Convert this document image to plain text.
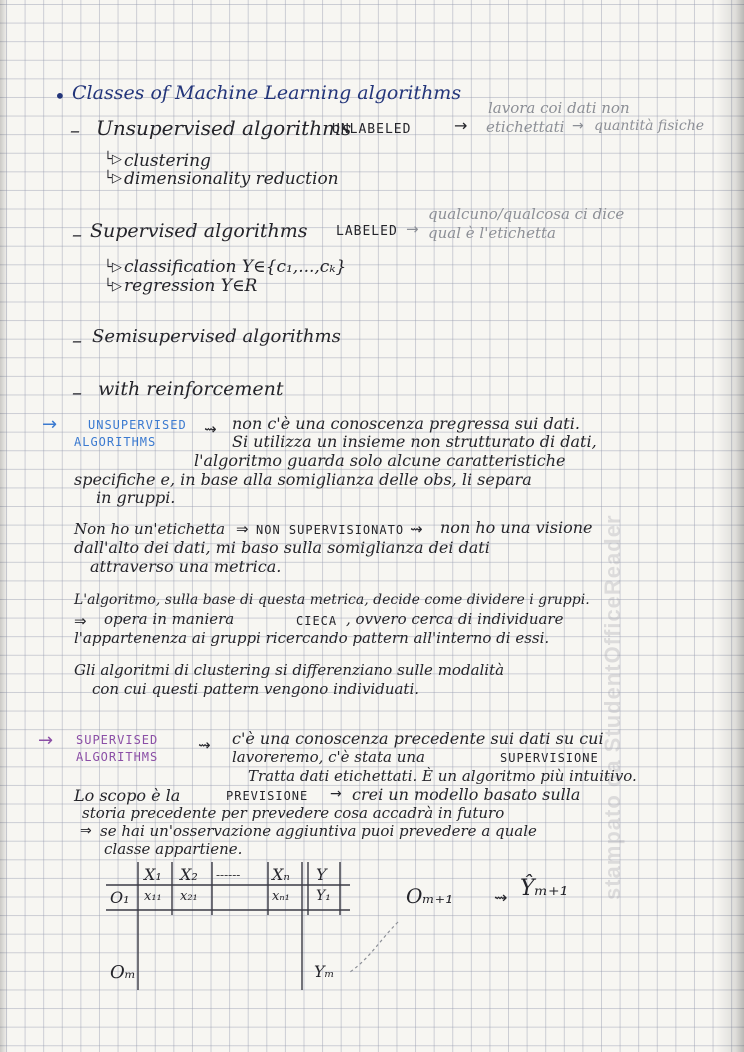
stampato da StudentOfficeReader
• Classes of Machine Learning algorithms
– Unsupervised algorithms
UNLABELED	→
lavora coi dati non
etichettati → quantità fisiche
└▷ clustering
└▷ dimensionality reduction
– Supervised algorithms LABELED →
qualcuno/qualcosa ci dice
qual è l'etichetta
└▷ classification Y∈{c₁,...,cₖ}
└▷ regression Y∈R
– Semisupervised algorithms
– with reinforcement
→	UNSUPERVISED
ALGORITHMS
⇝ non c'è una conoscenza pregressa sui dati.
Si utilizza un insieme non strutturato di dati,
l'algoritmo guarda solo alcune caratteristiche
specifiche e, in base alla somiglianza delle obs, li separa
in gruppi.
Non ho un'etichetta ⇒ NON SUPERVISIONATO ⇝ non ho una visione
dall'alto dei dati, mi baso sulla somiglianza dei dati
attraverso una metrica.
L'algoritmo, sulla base di questa metrica, decide come dividere i gruppi.
⇒ opera in maniera	CIECA , ovvero cerca di individuare
l'appartenenza ai gruppi ricercando pattern all'interno di essi.
Gli algoritmi di clustering si differenziano sulle modalità
con cui questi pattern vengono individuati.
→ SUPERVISED
ALGORITHMS
⇝ c'è una conoscenza precedente sui dati su cui
lavoreremo, c'è stata una	SUPERVISIONE
Tratta dati etichettati. È un algoritmo più intuitivo.
Lo scopo è la	PREVISIONE → crei un modello basato sulla
storia precedente per prevedere cosa accadrà in futuro
⇒ se hai un'osservazione aggiuntiva puoi prevedere a quale
classe appartiene.
X₁ X₂ ------ Xₙ Y
O₁ x₁₁ x₂₁	xₙ₁ Y₁
Oₘ	Yₘ
Oₘ₊₁	⇝ Ŷₘ₊₁
